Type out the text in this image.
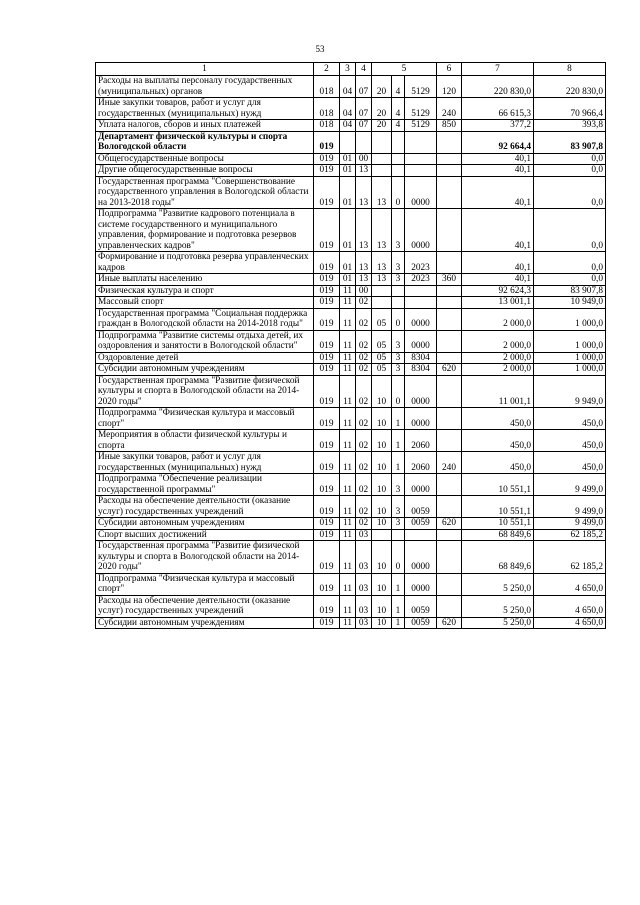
53
1	2	3	4	5			6	7	8
Расходы на выплаты персоналу государственных (муниципальных) органов	018	04	07	20	4	5129	120	220 830,0	220 830,0
Иные закупки товаров, работ и услуг для государственных (муниципальных) нужд	018	04	07	20	4	5129	240	66 615,3	70 966,4
Уплата налогов, сборов и иных платежей	018	04	07	20	4	5129	850	377,2	393,8
Департамент физической культуры и спорта Вологодской области	019							92 664,4	83 907,8
Общегосударственные вопросы	019	01	00					40,1	0,0
Другие общегосударственные вопросы	019	01	13					40,1	0,0
Государственная программа "Совершенствование государственного управления в Вологодской области на 2013-2018 годы"	019	01	13	13	0	0000		40,1	0,0
Подпрограмма "Развитие кадрового потенциала в системе государственного и муниципального управления, формирование и подготовка резервов управленческих кадров"	019	01	13	13	3	0000		40,1	0,0
Формирование и подготовка резерва управленческих кадров	019	01	13	13	3	2023		40,1	0,0
Иные выплаты населению	019	01	13	13	3	2023	360	40,1	0,0
Физическая культура и спорт	019	11	00					92 624,3	83 907,8
Массовый спорт	019	11	02					13 001,1	10 949,0
Государственная программа "Социальная поддержка граждан в Вологодской области на 2014-2018 годы"	019	11	02	05	0	0000		2 000,0	1 000,0
Подпрограмма "Развитие системы отдыха детей, их оздоровления и занятости в Вологодской области"	019	11	02	05	3	0000		2 000,0	1 000,0
Оздоровление детей	019	11	02	05	3	8304		2 000,0	1 000,0
Субсидии автономным учреждениям	019	11	02	05	3	8304	620	2 000,0	1 000,0
Государственная программа "Развитие физической культуры и спорта в Вологодской области на 2014-2020 годы"	019	11	02	10	0	0000		11 001,1	9 949,0
Подпрограмма "Физическая культура и массовый спорт"	019	11	02	10	1	0000		450,0	450,0
Мероприятия в области физической культуры и спорта	019	11	02	10	1	2060		450,0	450,0
Иные закупки товаров, работ и услуг для государственных (муниципальных) нужд	019	11	02	10	1	2060	240	450,0	450,0
Подпрограмма "Обеспечение реализации государственной программы"	019	11	02	10	3	0000		10 551,1	9 499,0
Расходы на обеспечение деятельности (оказание услуг) государственных учреждений	019	11	02	10	3	0059		10 551,1	9 499,0
Субсидии автономным учреждениям	019	11	02	10	3	0059	620	10 551,1	9 499,0
Спорт высших достижений	019	11	03					68 849,6	62 185,2
Государственная программа "Развитие физической культуры и спорта в Вологодской области на 2014-2020 годы"	019	11	03	10	0	0000		68 849,6	62 185,2
Подпрограмма "Физическая культура и массовый спорт"	019	11	03	10	1	0000		5 250,0	4 650,0
Расходы на обеспечение деятельности (оказание услуг) государственных учреждений	019	11	03	10	1	0059		5 250,0	4 650,0
Субсидии автономным учреждениям	019	11	03	10	1	0059	620	5 250,0	4 650,0
